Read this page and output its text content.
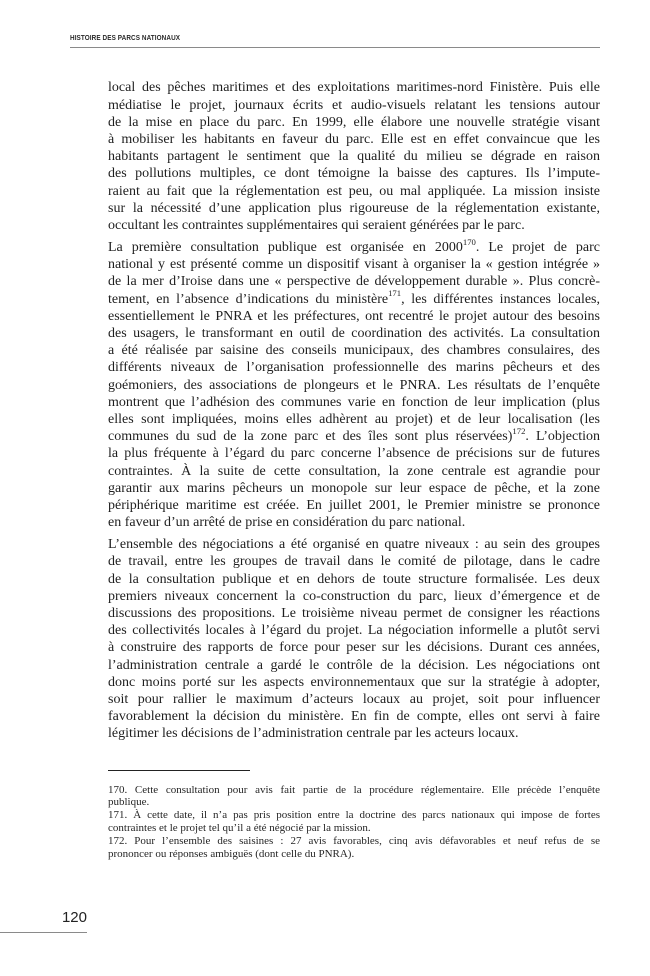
HISTOIRE DES PARCS NATIONAUX
local des pêches maritimes et des exploitations maritimes-nord Finistère. Puis elle
médiatise le projet, journaux écrits et audio-visuels relatant les tensions autour
de la mise en place du parc. En 1999, elle élabore une nouvelle stratégie visant
à mobiliser les habitants en faveur du parc. Elle est en effet convaincue que les
habitants partagent le sentiment que la qualité du milieu se dégrade en raison
des pollutions multiples, ce dont témoigne la baisse des captures. Ils l’impute-
raient au fait que la réglementation est peu, ou mal appliquée. La mission insiste
sur la nécessité d’une application plus rigoureuse de la réglementation existante,
occultant les contraintes supplémentaires qui seraient générées par le parc.
La première consultation publique est organisée en 2000$^{170}$. Le projet de parc
national y est présenté comme un dispositif visant à organiser la « gestion intégrée »
de la mer d’Iroise dans une « perspective de développement durable ». Plus concrè-
tement, en l’absence d’indications du ministère$^{171}$, les différentes instances locales,
essentiellement le PNRA et les préfectures, ont recentré le projet autour des besoins
des usagers, le transformant en outil de coordination des activités. La consultation
a été réalisée par saisine des conseils municipaux, des chambres consulaires, des
différents niveaux de l’organisation professionnelle des marins pêcheurs et des
goémoniers, des associations de plongeurs et le PNRA. Les résultats de l’enquête
montrent que l’adhésion des communes varie en fonction de leur implication (plus
elles sont impliquées, moins elles adhèrent au projet) et de leur localisation (les
communes du sud de la zone parc et des îles sont plus réservées)$^{172}$. L’objection
la plus fréquente à l’égard du parc concerne l’absence de précisions sur de futures
contraintes. À la suite de cette consultation, la zone centrale est agrandie pour
garantir aux marins pêcheurs un monopole sur leur espace de pêche, et la zone
périphérique maritime est créée. En juillet 2001, le Premier ministre se prononce
en faveur d’un arrêté de prise en considération du parc national.
L’ensemble des négociations a été organisé en quatre niveaux : au sein des groupes
de travail, entre les groupes de travail dans le comité de pilotage, dans le cadre
de la consultation publique et en dehors de toute structure formalisée. Les deux
premiers niveaux concernent la co-construction du parc, lieux d’émergence et de
discussions des propositions. Le troisième niveau permet de consigner les réactions
des collectivités locales à l’égard du projet. La négociation informelle a plutôt servi
à construire des rapports de force pour peser sur les décisions. Durant ces années,
l’administration centrale a gardé le contrôle de la décision. Les négociations ont
donc moins porté sur les aspects environnementaux que sur la stratégie à adopter,
soit pour rallier le maximum d’acteurs locaux au projet, soit pour influencer
favorablement la décision du ministère. En fin de compte, elles ont servi à faire
légitimer les décisions de l’administration centrale par les acteurs locaux.
170. Cette consultation pour avis fait partie de la procédure réglementaire. Elle précède l’enquête
publique.
171. À cette date, il n’a pas pris position entre la doctrine des parcs nationaux qui impose de fortes
contraintes et le projet tel qu’il a été négocié par la mission.
172. Pour l’ensemble des saisines : 27 avis favorables, cinq avis défavorables et neuf refus de se
prononcer ou réponses ambiguës (dont celle du PNRA).
120
